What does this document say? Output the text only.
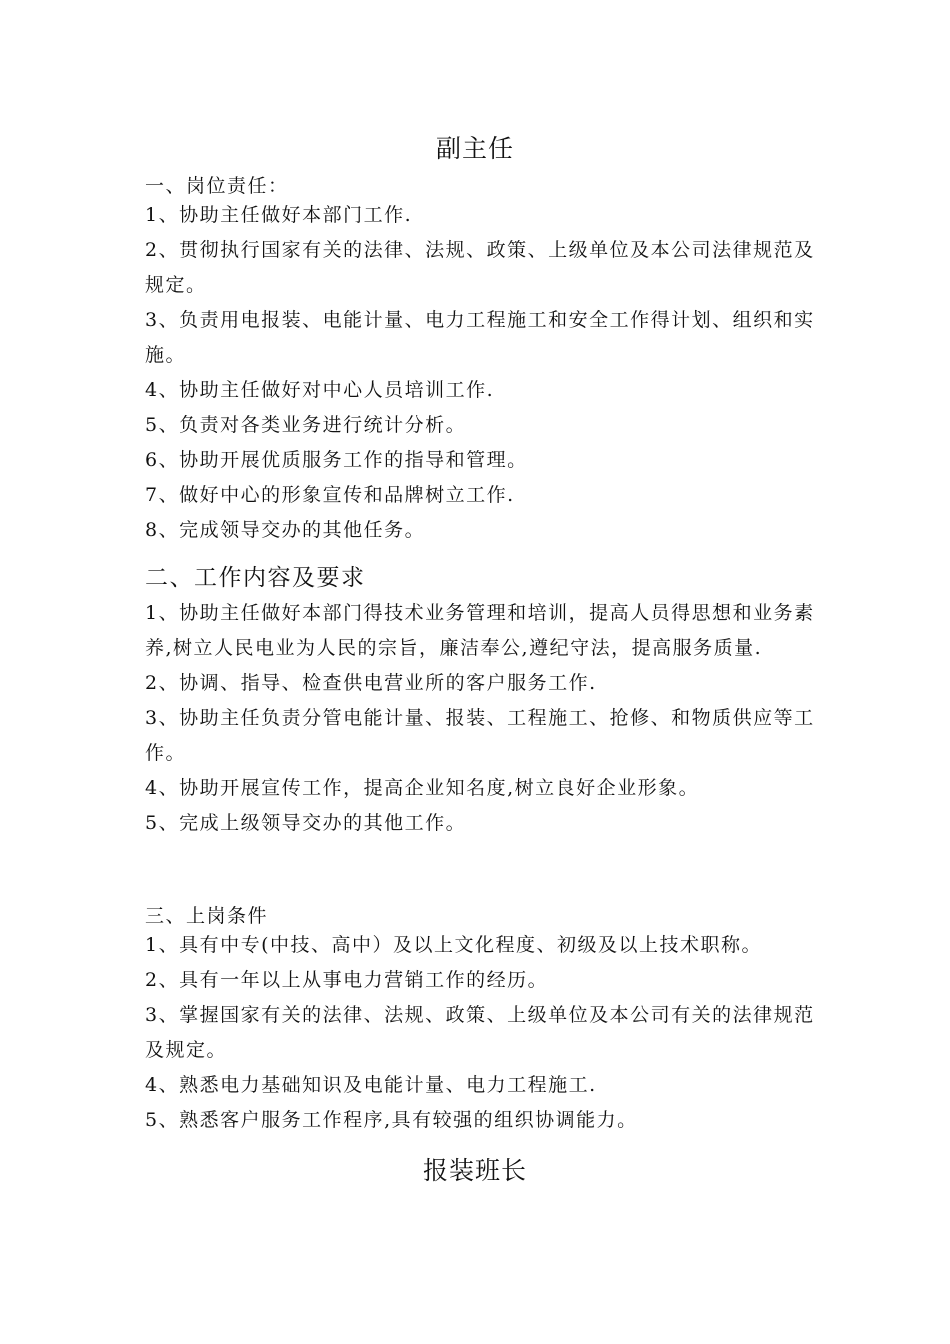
副主任
一、岗位责任：
1、协助主任做好本部门工作.
2、贯彻执行国家有关的法律、法规、政策、上级单位及本公司法律规范及规定。
3、负责用电报装、电能计量、电力工程施工和安全工作得计划、组织和实施。
4、协助主任做好对中心人员培训工作.
5、负责对各类业务进行统计分析。
6、协助开展优质服务工作的指导和管理。
7、做好中心的形象宣传和品牌树立工作.
8、完成领导交办的其他任务。
二、工作内容及要求
1、协助主任做好本部门得技术业务管理和培训，提高人员得思想和业务素养,树立人民电业为人民的宗旨，廉洁奉公,遵纪守法，提高服务质量.
2、协调、指导、检查供电营业所的客户服务工作.
3、协助主任负责分管电能计量、报装、工程施工、抢修、和物质供应等工作。
4、协助开展宣传工作，提高企业知名度,树立良好企业形象。
5、完成上级领导交办的其他工作。
三、上岗条件
1、具有中专(中技、高中）及以上文化程度、初级及以上技术职称。
2、具有一年以上从事电力营销工作的经历。
3、掌握国家有关的法律、法规、政策、上级单位及本公司有关的法律规范及规定。
4、熟悉电力基础知识及电能计量、电力工程施工.
5、熟悉客户服务工作程序,具有较强的组织协调能力。
报装班长
